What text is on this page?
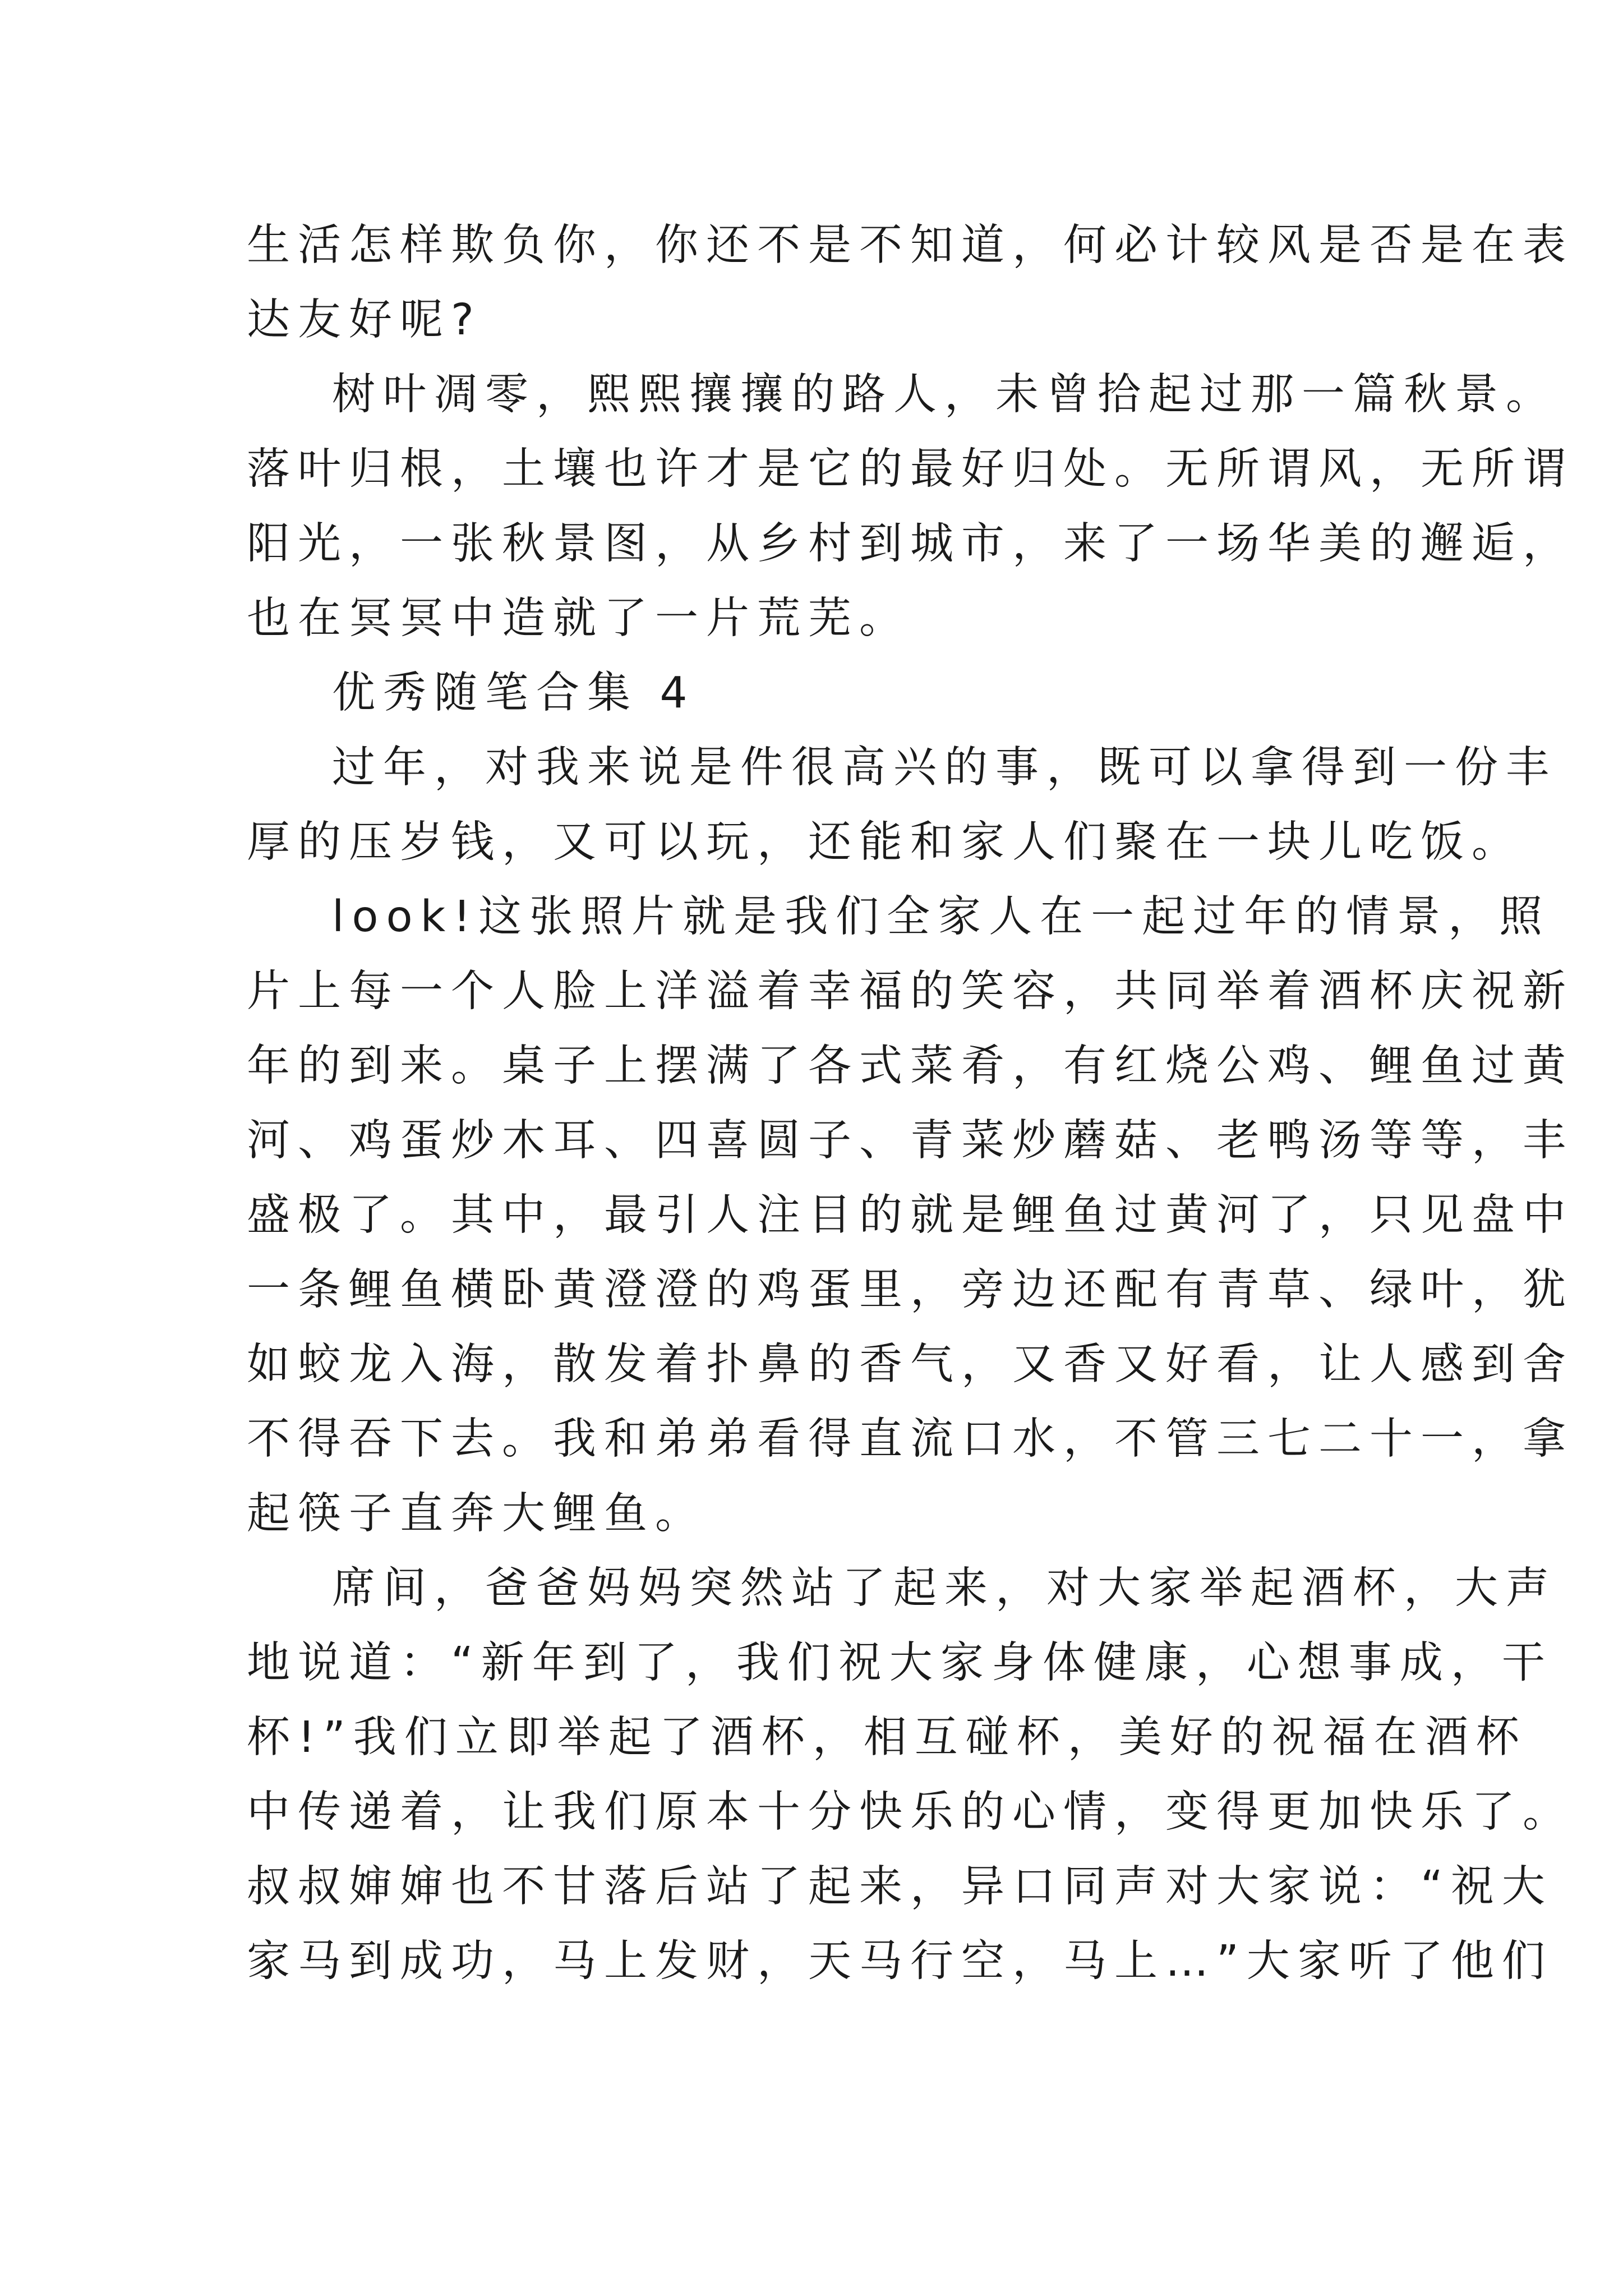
生活怎样欺负你，你还不是不知道，何必计较风是否是在表
达友好呢?
树叶凋零，熙熙攘攘的路人，未曾拾起过那一篇秋景。
落叶归根，土壤也许才是它的最好归处。无所谓风，无所谓
阳光，一张秋景图，从乡村到城市，来了一场华美的邂逅，
也在冥冥中造就了一片荒芜。
优秀随笔合集 4
过年，对我来说是件很高兴的事，既可以拿得到一份丰
厚的压岁钱，又可以玩，还能和家人们聚在一块儿吃饭。
look!这张照片就是我们全家人在一起过年的情景，照
片上每一个人脸上洋溢着幸福的笑容，共同举着酒杯庆祝新
年的到来。桌子上摆满了各式菜肴，有红烧公鸡、鲤鱼过黄
河、鸡蛋炒木耳、四喜圆子、青菜炒蘑菇、老鸭汤等等，丰
盛极了。其中，最引人注目的就是鲤鱼过黄河了，只见盘中
一条鲤鱼横卧黄澄澄的鸡蛋里，旁边还配有青草、绿叶，犹
如蛟龙入海，散发着扑鼻的香气，又香又好看，让人感到舍
不得吞下去。我和弟弟看得直流口水，不管三七二十一，拿
起筷子直奔大鲤鱼。
席间，爸爸妈妈突然站了起来，对大家举起酒杯，大声
地说道：“新年到了，我们祝大家身体健康，心想事成，干
杯!”我们立即举起了酒杯，相互碰杯，美好的祝福在酒杯
中传递着，让我们原本十分快乐的心情，变得更加快乐了。
叔叔婶婶也不甘落后站了起来，异口同声对大家说：“祝大
家马到成功，马上发财，天马行空，马上…”大家听了他们
